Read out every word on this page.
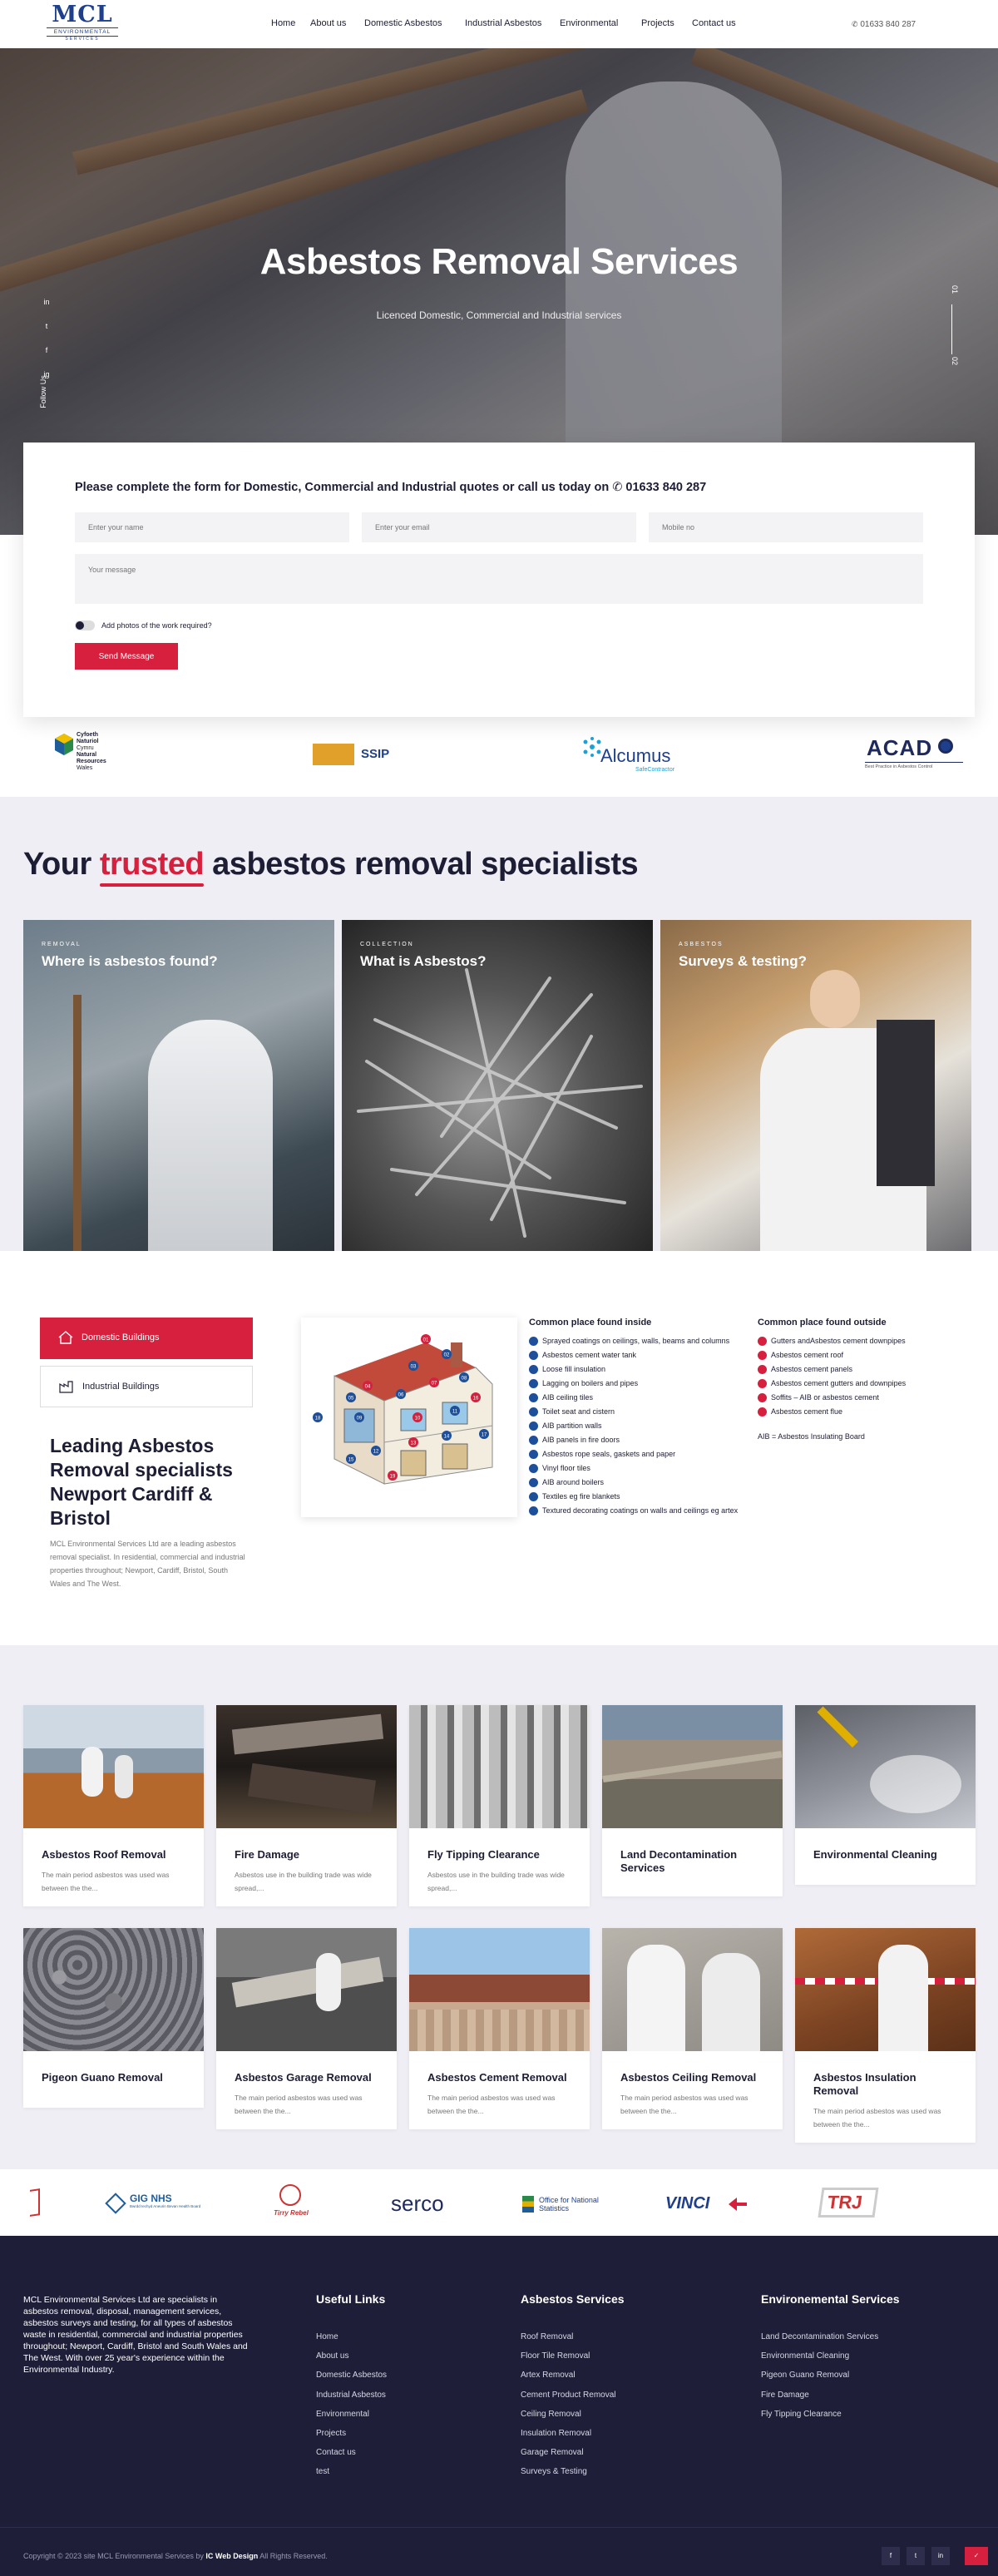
MCL
ENVIRONMENTAL
SERVICES
Home About us Domestic Asbestos Industrial Asbestos Environmental	Projects Contact us	✆ 01633 840 287
Asbestos Removal Services
Licenced Domestic, Commercial and Industrial services
in
t
f
ig
Follow Us
01
02
Please complete the form for Domestic, Commercial and Industrial quotes or call us today on ✆ 01633 840 287
Enter your name
Enter your email
Mobile no
Your message
Add photos of the work required?
Send Message
Cyfoeth
Naturiol
Cymru
Natural
Resources
Wales
SSIP	Alcumus
SafeContractor
ACAD
Best Practice in Asbestos Control
Your trusted asbestos removal specialists
REMOVAL
Where is asbestos found?
COLLECTION
What is Asbestos?
ASBESTOS
Surveys & testing?
Domestic Buildings
Industrial Buildings
Leading Asbestos Removal specialists Newport Cardiff & Bristol
MCL Environmental Services Ltd are a leading asbestos removal specialist. In residential, commercial and industrial properties throughout; Newport, Cardiff, Bristol, South Wales and The West.
01
02
03
04
05
06
07
08
09	10
11
12
13
14
15
16
17
18
19
Common place found inside
Sprayed coatings on ceilings, walls, beams and columns
Asbestos cement water tank
Loose fill insulation
Lagging on boilers and pipes
AIB ceiling tiles
Toilet seat and cistern
AIB partition walls
AIB panels in fire doors
Asbestos rope seals, gaskets and paper
Vinyl floor tiles
AIB around boilers
Textiles eg fire blankets
Textured decorating coatings on walls and ceilings eg artex
Common place found outside
Gutters andAsbestos cement downpipes
Asbestos cement roof
Asbestos cement panels
Asbestos cement gutters and downpipes
Soffits – AIB or asbestos cement
Asbestos cement flue
AIB = Asbestos Insulating Board
Asbestos Roof Removal
The main period asbestos was used was between the the...
Fire Damage
Asbestos use in the building trade was wide spread,...
Fly Tipping Clearance
Asbestos use in the building trade was wide spread,...
Land Decontamination Services
Environmental Cleaning
Pigeon Guano Removal	Asbestos Garage Removal
The main period asbestos was used was between the the...
Asbestos Cement Removal
The main period asbestos was used was between the the...
Asbestos Ceiling Removal
The main period asbestos was used was between the the...
Asbestos Insulation Removal
The main period asbestos was used was between the the...
GIG NHS
Bwrdd Iechyd Aneurin Bevan Health Board
Tirry Rebel	serco	Office for National Statistics	VINCI	TRJ
MCL Environmental Services Ltd are specialists in asbestos removal, disposal, management services, asbestos surveys and testing, for all types of asbestos waste in residential, commercial and industrial properties throughout; Newport, Cardiff, Bristol and South Wales and The West. With over 25 year's experience within the Environmental Industry.
Useful Links
Home
About us
Domestic Asbestos
Industrial Asbestos
Environmental
Projects
Contact us
test
Asbestos Services
Roof Removal
Floor Tile Removal
Artex Removal
Cement Product Removal
Ceiling Removal
Insulation Removal
Garage Removal
Surveys & Testing
Environemental Services
Land Decontamination Services
Environmental Cleaning
Pigeon Guano Removal
Fire Damage
Fly Tipping Clearance
Copyright © 2023 site MCL Environmental Services by IC Web Design All Rights Reserved.	f	t	in	✓
